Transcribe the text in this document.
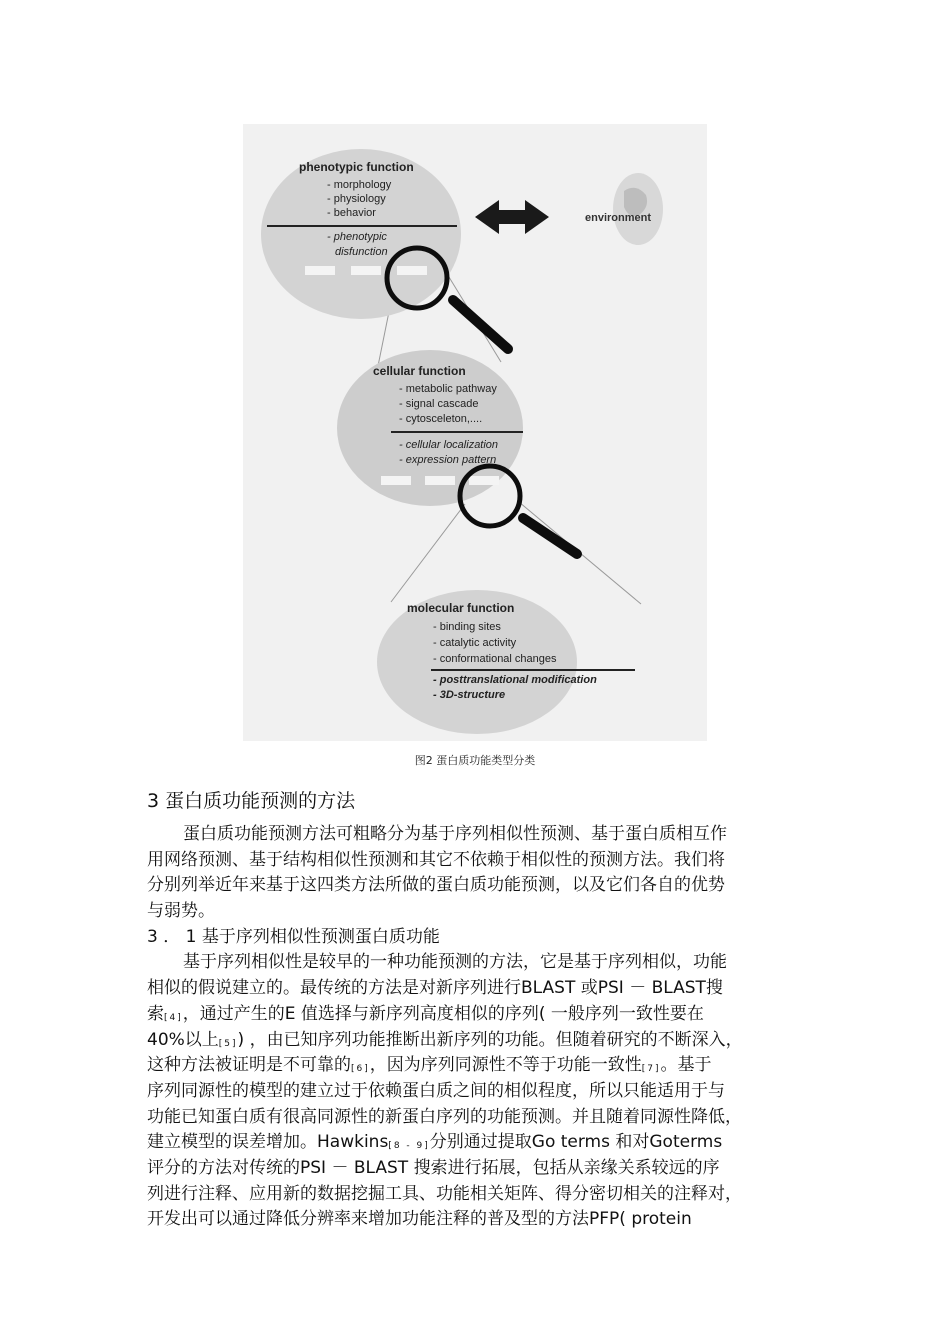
phenotypic function
- morphology
- physiology
- behavior
- phenotypic
disfunction
environment
cellular function
- metabolic pathway
- signal cascade
- cytosceleton,....
- cellular localization
- expression pattern
molecular function
- binding sites
- catalytic activity
- conformational changes
- posttranslational modification
- 3D-structure
图2 蛋白质功能类型分类
3 蛋白质功能预测的方法
蛋白质功能预测方法可粗略分为基于序列相似性预测、基于蛋白质相互作
用网络预测、基于结构相似性预测和其它不依赖于相似性的预测方法。我们将
分别列举近年来基于这四类方法所做的蛋白质功能预测，以及它们各自的优势
与弱势。
3 ． 1 基于序列相似性预测蛋白质功能
基于序列相似性是较早的一种功能预测的方法，它是基于序列相似，功能
相似的假说建立的。最传统的方法是对新序列进行BLAST 或PSI － BLAST搜
索[4]，通过产生的E 值选择与新序列高度相似的序列( 一般序列一致性要在
40%以上[5]) ，由已知序列功能推断出新序列的功能。但随着研究的不断深入，
这种方法被证明是不可靠的[6]，因为序列同源性不等于功能一致性[7]。基于
序列同源性的模型的建立过于依赖蛋白质之间的相似程度，所以只能适用于与
功能已知蛋白质有很高同源性的新蛋白序列的功能预测。并且随着同源性降低，
建立模型的误差增加。Hawkins[8 - 9]分别通过提取Go terms 和对Goterms
评分的方法对传统的PSI － BLAST 搜索进行拓展，包括从亲缘关系较远的序
列进行注释、应用新的数据挖掘工具、功能相关矩阵、得分密切相关的注释对，
开发出可以通过降低分辨率来增加功能注释的普及型的方法PFP( protein
